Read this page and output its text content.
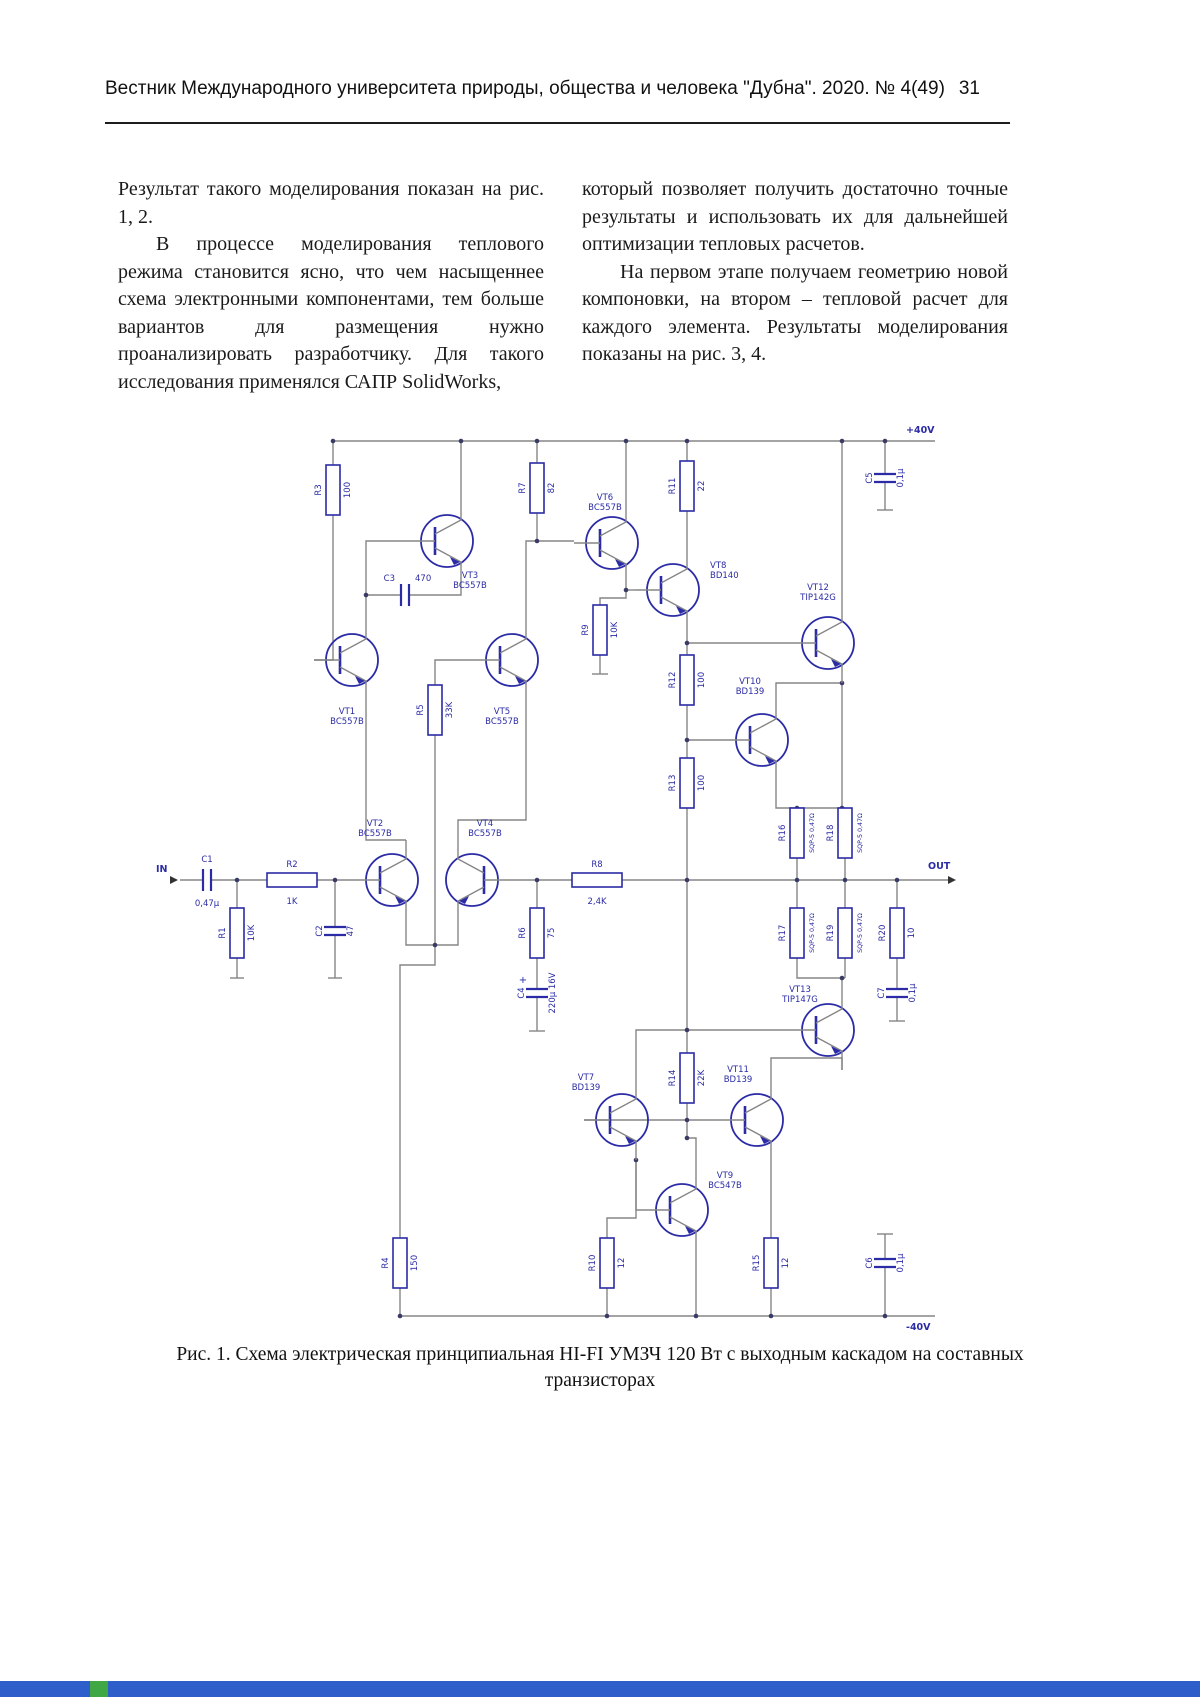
Вестник Международного университета природы, общества и человека "Дубна". 2020. № 4(49) 31

Результат такого моделирования показан на рис. 1, 2.

В процессе моделирования теплового режима становится ясно, что чем насыщеннее схема электронными компонентами, тем больше вариантов для размещения нужно проанализировать разработчику. Для такого исследования применялся САПР SolidWorks,

который позволяет получить достаточно точные результаты и использовать их для дальнейшей оптимизации тепловых расчетов.

На первом этапе получаем геометрию новой компоновки, на втором – тепловой расчет для каждого элемента. Результаты моделирования показаны на рис. 3, 4.

R1 10K
R2
1K
R3 100
R4 150
R5 33K
R6 75
R7 82
R8
2,4K
R9 10K
R10 12
R11 22
R12 100
R13 100
R14 22K
R15 12
R16	SQP-5 0,47Ω
R17	SQP-5 0,47Ω
R18	SQP-5 0,47Ω
R19	SQP-5 0,47Ω R20 10
C1
0,47µ
C2 47
C3 470
C4 220µ 16V
+
C5 0,1µ
C6 0,1µ
C7 0,1µ
VT1
BC557B
VT2
BC557B
VT3
BC557B
VT4
BC557B
VT5
BC557B
VT6
BC557B
VT7
BD139
VT8
BD140
VT9
BC547B
VT10
BD139
VT11
BD139
VT12
TIP142G
VT13
TIP147G
+40V
-40V
IN	OUT
Рис. 1. Схема электрическая принципиальная HI-FI УМЗЧ 120 Вт с выходным каскадом на составных
транзисторах
